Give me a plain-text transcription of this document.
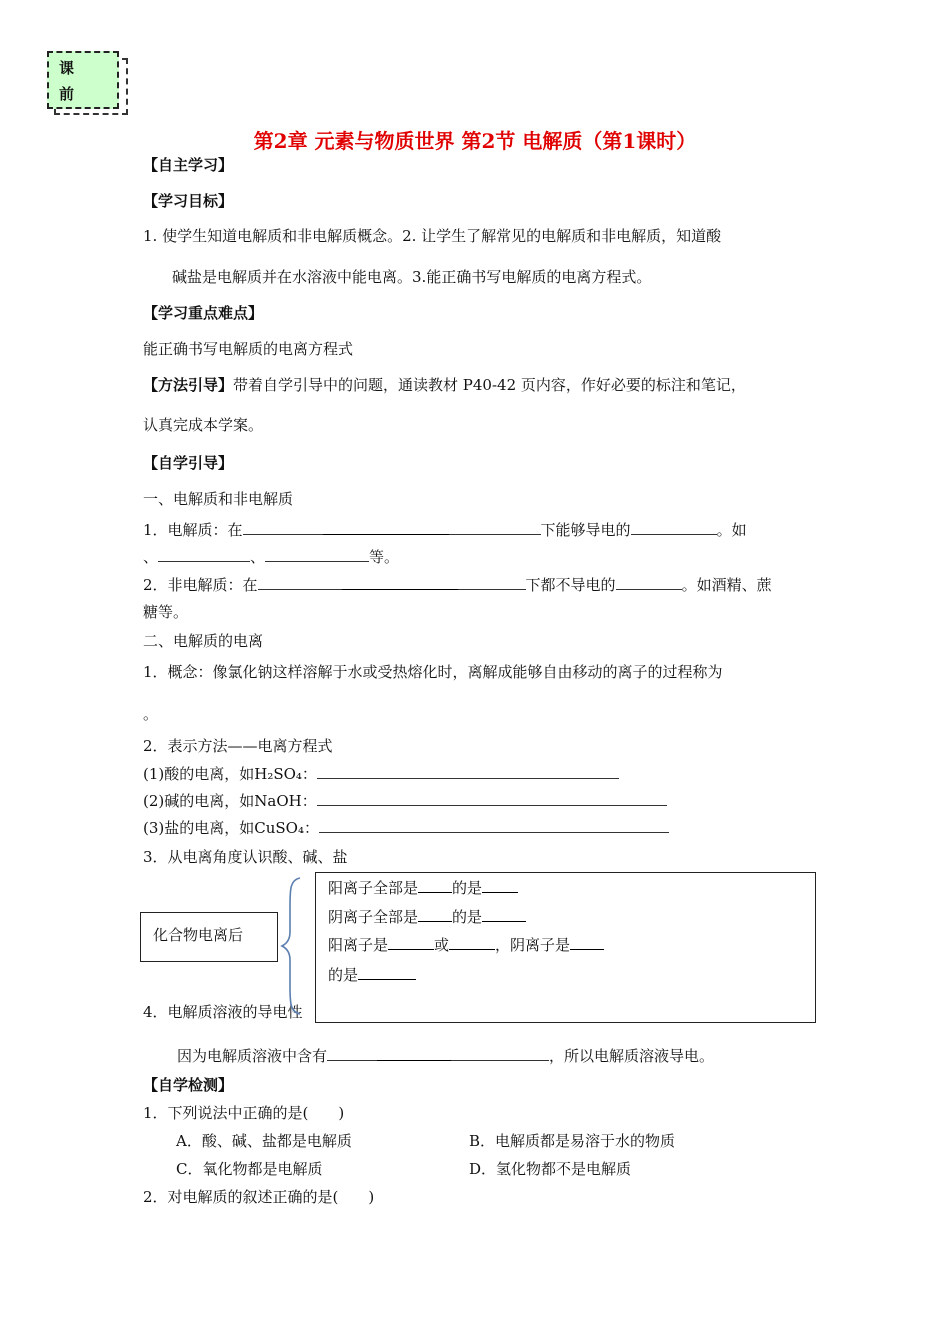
课
前
第2章 元素与物质世界 第2节 电解质（第1课时）
【自主学习】
【学习目标】
1. 使学生知道电解质和非电解质概念。2. 让学生了解常见的电解质和非电解质，知道酸
碱盐是电解质并在水溶液中能电离。3.能正确书写电解质的电离方程式。
【学习重点难点】
能正确书写电解质的电离方程式
【方法引导】带着自学引导中的问题，通读教材 P40-42 页内容，作好必要的标注和笔记，
认真完成本学案。
【自学引导】
一、电解质和非电解质
1．电解质：在	下能够导电的	。如
、	、	等。
2．非电解质：在	下都不导电的	。如酒精、蔗
糖等。
二、电解质的电离
1．概念：像氯化钠这样溶解于水或受热熔化时，离解成能够自由移动的离子的过程称为
。
2．表示方法——电离方程式
(1)酸的电离，如H₂SO₄：
(2)碱的电离，如NaOH：
(3)盐的电离，如CuSO₄：
3．从电离角度认识酸、碱、盐
4．电解质溶液的导电性
化合物电离后
阳离子全部是 的是
阴离子全部是 的是
阳离子是	或	，阴离子是
的是
因为电解质溶液中含有	，所以电解质溶液导电。
【自学检测】
1．下列说法中正确的是(　　)
A．酸、碱、盐都是电解质	B．电解质都是易溶于水的物质
C．氧化物都是电解质	D．氢化物都不是电解质
2．对电解质的叙述正确的是(　　)
